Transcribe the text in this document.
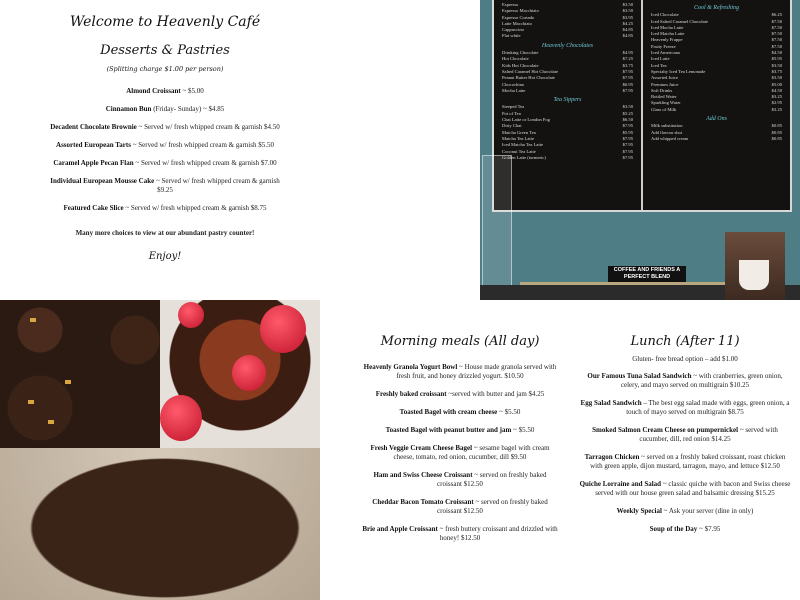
Welcome to Heavenly Café
Desserts & Pastries
(Splitting charge $1.00 per person)
Almond Croissant ~ $5.00
Cinnamon Bun (Friday- Sunday) ~ $4.85
Decadent Chocolate Brownie ~ Served w/ fresh whipped cream & garnish $4.50
Assorted European Tarts ~ Served w/ fresh whipped cream & garnish $5.50
Caramel Apple Pecan Flan ~ Served w/ fresh whipped cream & garnish $7.00
Individual European Mousse Cake ~ Served w/ fresh whipped cream & garnish $9.25
Featured Cake Slice ~ Served w/ fresh whipped cream & garnish $8.75
Many more choices to view at our abundant pastry counter!
Enjoy!
Espresso	$3.50
Espresso Macchiato	$3.50
Espresso Cortado	$3.95
Latte Macchiato	$4.25
Cappuccino	$4.85
Flat white	$4.85
Heavenly Chocolates
Drinking Chocolate	$4.95
Hot Chocolate	$7.25
Kids Hot Chocolate	$3.75
Salted Caramel Hot Chocolate	$7.95
Peanut Butter Hot Chocolate	$7.95
Chocochino	$6.95
Mocha Latte	$7.95
Tea Sippers
Steeped Tea	$3.50
Pot of Tea	$5.25
Chai Latte or London Fog	$6.50
Dirty Chai	$7.95
Matcha Green Tea	$5.95
Matcha Tea Latte	$7.95
Iced Matcha Tea Latte	$7.95
Coconut Tea Latte	$7.95
Golden Latte (turmeric)	$7.95
Cool & Refreshing
Iced Chocolate	$6.25
Iced Salted Caramel Chocolate	$7.50
Iced Mocha Latte	$7.50
Iced Matcha Latte	$7.50
Heavenly Frappe	$7.50
Fruity Freeze	$7.50
Iced Americano	$4.50
Iced Latte	$5.95
Iced Tea	$3.50
Specialty Iced Tea Lemonade	$3.75
Assorted Juice	$3.50
Premium Juice	$5.00
Soft Drinks	$4.50
Bottled Water	$3.25
Sparkling Water	$2.95
Glass of Milk	$3.25
Add Ons
Milk substitution	$0.85
Add flavour shot	$0.85
Add whipped cream	$0.85
COFFEE AND FRIENDS A PERFECT BLEND
Morning meals (All day)
Heavenly Granola Yogurt Bowl ~ House made granola served with fresh fruit, and honey drizzled yogurt. $10.50
Freshly baked croissant ~served with butter and jam $4.25
Toasted Bagel with cream cheese ~ $5.50
Toasted Bagel with peanut butter and jam ~ $5.50
Fresh Veggie Cream Cheese Bagel ~ sesame bagel with cream cheese, tomato, red onion, cucumber, dill $9.50
Ham and Swiss Cheese Croissant ~ served on freshly baked croissant $12.50
Cheddar Bacon Tomato Croissant ~ served on freshly baked croissant $12.50
Brie and Apple Croissant ~ fresh buttery croissant and drizzled with honey! $12.50
Lunch (After 11)
Gluten- free bread option – add $1.00
Our Famous Tuna Salad Sandwich ~ with cranberries, green onion, celery, and mayo served on multigrain $10.25
Egg Salad Sandwich – The best egg salad made with eggs, green onion, a touch of mayo served on multigrain $8.75
Smoked Salmon Cream Cheese on pumpernickel ~ served with cucumber, dill, red onion $14.25
Tarragon Chicken ~ served on a freshly baked croissant, roast chicken with green apple, dijon mustard, tarragon, mayo, and lettuce $12.50
Quiche Lorraine and Salad ~ classic quiche with bacon and Swiss cheese served with our house green salad and balsamic dressing $15.25
Weekly Special ~ Ask your server (dine in only)
Soup of the Day ~ $7.95
